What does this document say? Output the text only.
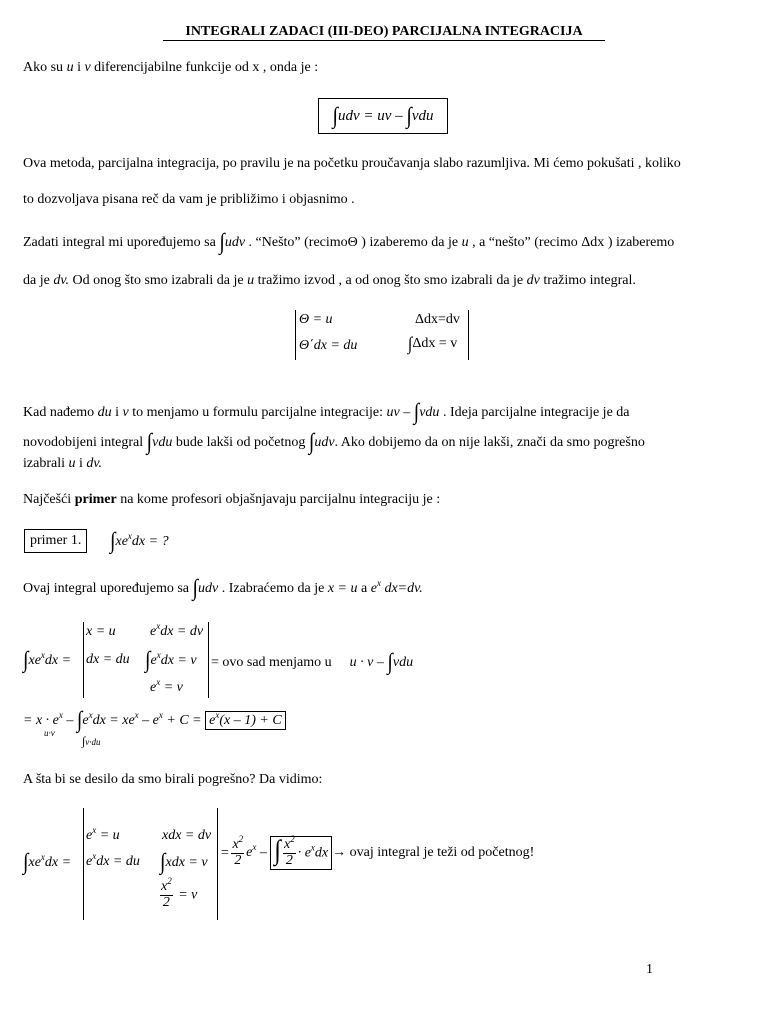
INTEGRALI ZADACI (III-DEO) PARCIJALNA INTEGRACIJA
Ako su u i v diferencijabilne funkcije od x , onda je :
∫udv = uv – ∫vdu
Ova metoda, parcijalna integracija, po pravilu je na početku proučavanja slabo razumljiva. Mi ćemo pokušati , koliko
to dozvoljava pisana reč da vam je približimo i objasnimo .
Zadati integral mi upoređujemo sa ∫udv . “Nešto” (recimoΘ ) izaberemo da je u , a “nešto” (recimo Δdx ) izaberemo
da je dv. Od onog što smo izabrali da je u tražimo izvod , a od onog što smo izabrali da je dv tražimo integral.
Θ = u	Δdx=dv
Θ΄dx = du	∫Δdx = v
Kad nađemo du i v to menjamo u formulu parcijalne integracije: uv – ∫vdu . Ideja parcijalne integracije je da
novodobijeni integral ∫vdu bude lakši od početnog ∫udv. Ako dobijemo da on nije lakši, znači da smo pogrešno
izabrali u i dv.
Najčešći primer na kome profesori objašnjavaju parcijalnu integraciju je :
primer 1.	$\int xe^xdx$ = ?
Ovaj integral upoređujemo sa ∫udv . Izabraćemo da je x = u a $e^x$ dx=dv.
$\int xe^xdx$ =
x = u $e^xdx$ = dv
dx = du $\int e^xdx = v$
$e^x = v$
= ovo sad menjamo u u · v – ∫vdu
= $x \cdot e^x - \int e^xdx = xe^x - e^x + C = e^x(x - 1) + C$
u·v
∫v·du
A šta bi se desilo da smo birali pogrešno? Da vidimo:
$\int xe^xdx$ =
$e^x = u$	xdx = dv
$e^xdx$ = du ∫xdx = v
$\frac{x^2}{2} = v$
= $\frac{x^2}{2} e^x$ – ∫ $\frac{x^2}{2} \cdot e^xdx$ → ovaj integral je teži od početnog!
1
